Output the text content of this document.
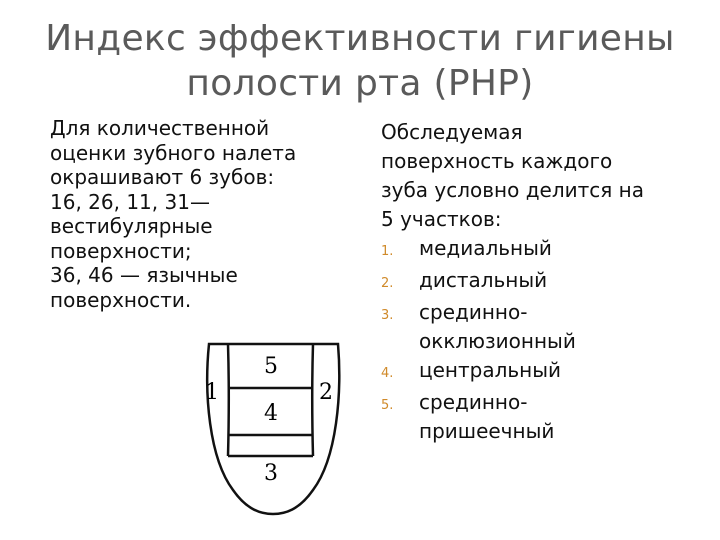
Индекс эффективности гигиены
полости рта (PHP)

Для количественной
оценки зубного налета
окрашивают 6 зубов:
16, 26, 11, 31—
вестибулярные
поверхности;
36, 46 — язычные
поверхности.

Обследуемая
поверхность каждого
зуба условно делится на
5 участков:

1.	медиальный
2.	дистальный
3.	срединно-
окклюзионный
4.	центральный
5.	срединно-
пришеечный
1	2
3
4
5
